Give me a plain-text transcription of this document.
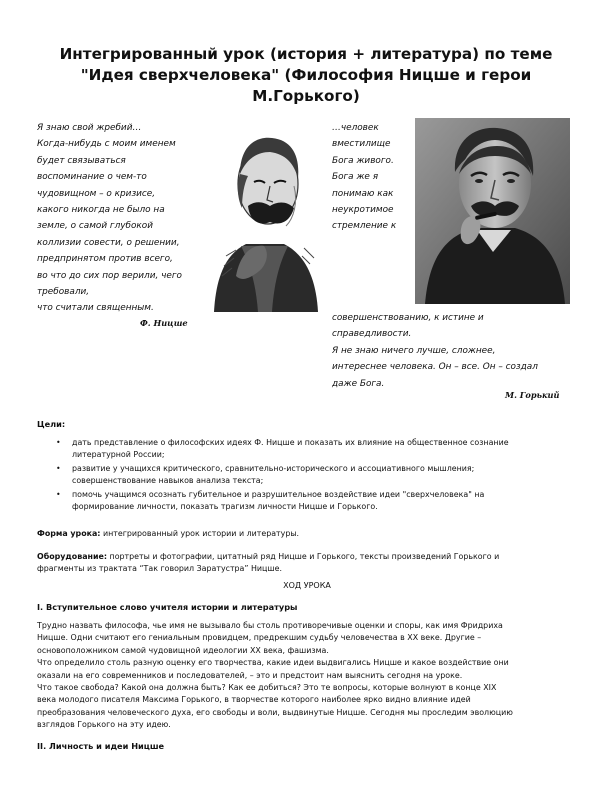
Интегрированный урок (история + литература) по теме
"Идея сверхчеловека" (Философия Ницше и герои
М.Горького)
Я знаю свой жребий…
Когда-нибудь с моим именем
будет связываться
воспоминание о чем-то
чудовищном – о кризисе,
какого никогда не было на
земле, о самой глубокой
коллизии совести, о решении,
предпринятом против всего,
во что до сих пор верили, чего
требовали,
что считали священным.
Ф. Ницше
…человек
вместилище
Бога живого.
Бога же я
понимаю как
неукротимое
стремление к
совершенствованию, к истине и
справедливости.
Я не знаю ничего лучше, сложнее,
интереснее человека. Он – все. Он – создал
даже Бога.
М. Горький
Цели:
• дать представление о философских идеях Ф. Ницше и показать их влияние на общественное сознание
литературной России;
• развитие у учащихся критического, сравнительно-исторического и ассоциативного мышления;
совершенствование навыков анализа текста;
• помочь учащимся осознать губительное и разрушительное воздействие идеи "сверхчеловека" на
формирование личности, показать трагизм личности Ницше и Горького.
Форма урока: интегрированный урок истории и литературы.
Оборудование: портреты и фотографии, цитатный ряд Ницше и Горького, тексты произведений Горького и
фрагменты из трактата “Так говорил Заратустра” Ницше.
ХОД УРОКА
I. Вступительное слово учителя истории и литературы
Трудно назвать философа, чье имя не вызывало бы столь противоречивые оценки и споры, как имя Фридриха
Ницше. Одни считают его гениальным провидцем, предрекшим судьбу человечества в XX веке. Другие –
основоположником самой чудовищной идеологии XX века, фашизма.
Что определило столь разную оценку его творчества, какие идеи выдвигались Ницше и какое воздействие они
оказали на его современников и последователей, – это и предстоит нам выяснить сегодня на уроке.
Что такое свобода? Какой она должна быть? Как ее добиться? Это те вопросы, которые волнуют в конце XIX
века молодого писателя Максима Горького, в творчестве которого наиболее ярко видно влияние идей
преобразования человеческого духа, его свободы и воли, выдвинутые Ницше. Сегодня мы проследим эволюцию
взглядов Горького на эту идею.
II. Личность и идеи Ницше
